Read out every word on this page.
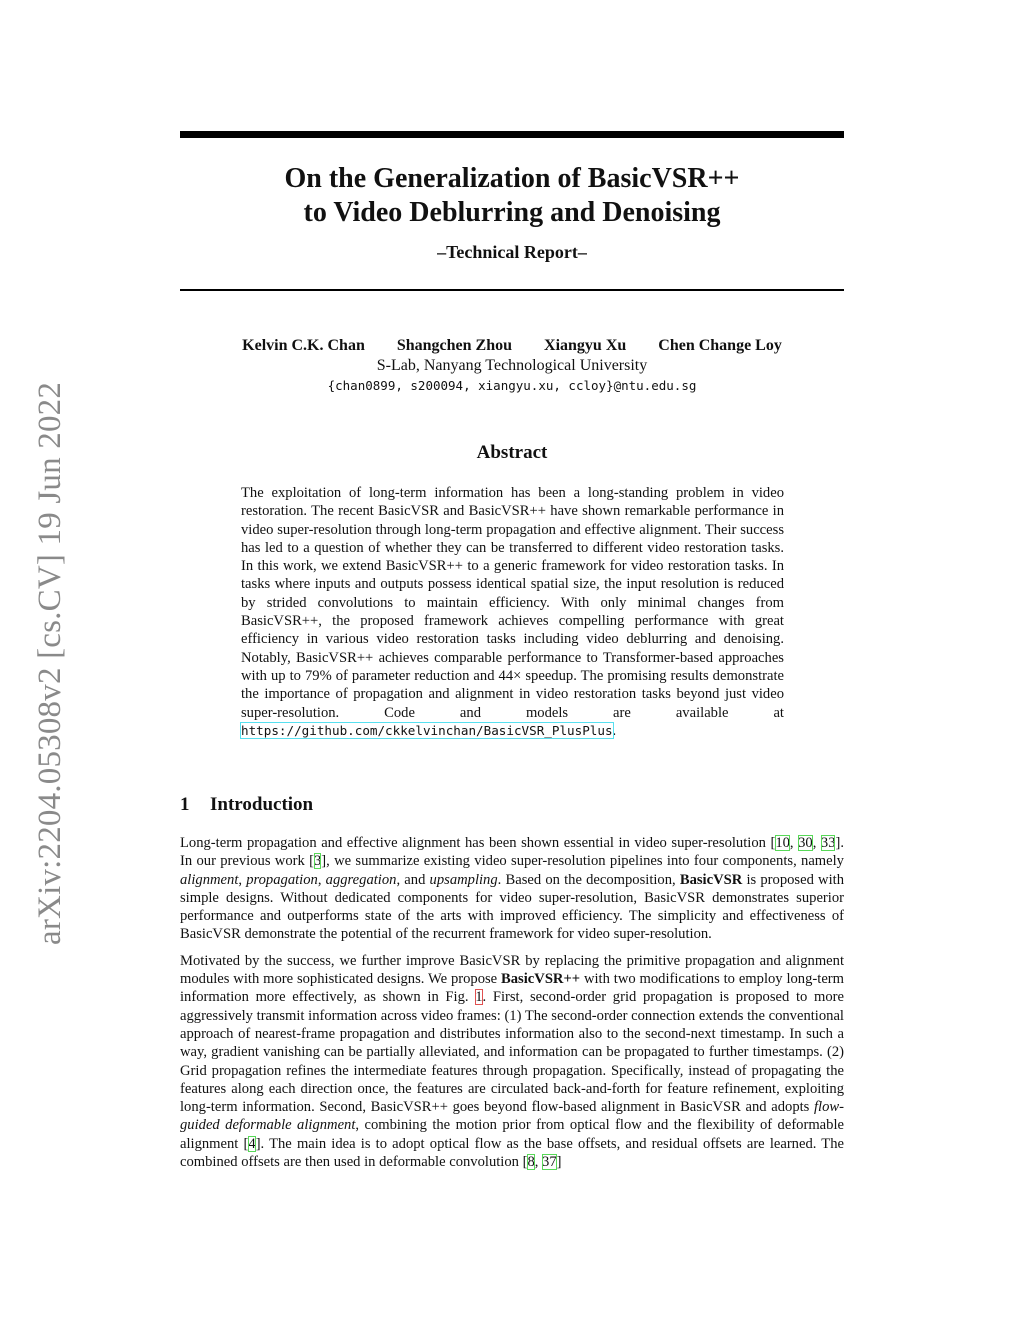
arXiv:2204.05308v2 [cs.CV] 19 Jun 2022
On the Generalization of BasicVSR++
to Video Deblurring and Denoising
–Technical Report–
Kelvin C.K. Chan Shangchen Zhou Xiangyu Xu Chen Change Loy
S-Lab, Nanyang Technological University
{chan0899, s200094, xiangyu.xu, ccloy}@ntu.edu.sg
Abstract
The exploitation of long-term information has been a long-standing problem in video restoration. The recent BasicVSR and BasicVSR++ have shown remarkable performance in video super-resolution through long-term propagation and effective alignment. Their success has led to a question of whether they can be transferred to different video restoration tasks. In this work, we extend BasicVSR++ to a generic framework for video restoration tasks. In tasks where inputs and outputs possess identical spatial size, the input resolution is reduced by strided convolutions to maintain efficiency. With only minimal changes from BasicVSR++, the proposed framework achieves compelling performance with great efficiency in various video restoration tasks including video deblurring and denoising. Notably, BasicVSR++ achieves comparable performance to Transformer-based approaches with up to 79% of parameter reduction and 44× speedup. The promising results demonstrate the importance of propagation and alignment in video restoration tasks beyond just video super-resolution. Code and models are available at https://github.com/ckkelvinchan/BasicVSR_PlusPlus.
1 Introduction

Long-term propagation and effective alignment has been shown essential in video super-resolution [10, 30, 33]. In our previous work [3], we summarize existing video super-resolution pipelines into four components, namely alignment, propagation, aggregation, and upsampling. Based on the decomposition, BasicVSR is proposed with simple designs. Without dedicated components for video super-resolution, BasicVSR demonstrates superior performance and outperforms state of the arts with improved efficiency. The simplicity and effectiveness of BasicVSR demonstrate the potential of the recurrent framework for video super-resolution.

Motivated by the success, we further improve BasicVSR by replacing the primitive propagation and alignment modules with more sophisticated designs. We propose BasicVSR++ with two modifications to employ long-term information more effectively, as shown in Fig. 1. First, second-order grid propagation is proposed to more aggressively transmit information across video frames: (1) The second-order connection extends the conventional approach of nearest-frame propagation and distributes information also to the second-next timestamp. In such a way, gradient vanishing can be partially alleviated, and information can be propagated to further timestamps. (2) Grid propagation refines the intermediate features through propagation. Specifically, instead of propagating the features along each direction once, the features are circulated back-and-forth for feature refinement, exploiting long-term information. Second, BasicVSR++ goes beyond flow-based alignment in BasicVSR and adopts flow-guided deformable alignment, combining the motion prior from optical flow and the flexibility of deformable alignment [4]. The main idea is to adopt optical flow as the base offsets, and residual offsets are learned. The combined offsets are then used in deformable convolution [8, 37]
